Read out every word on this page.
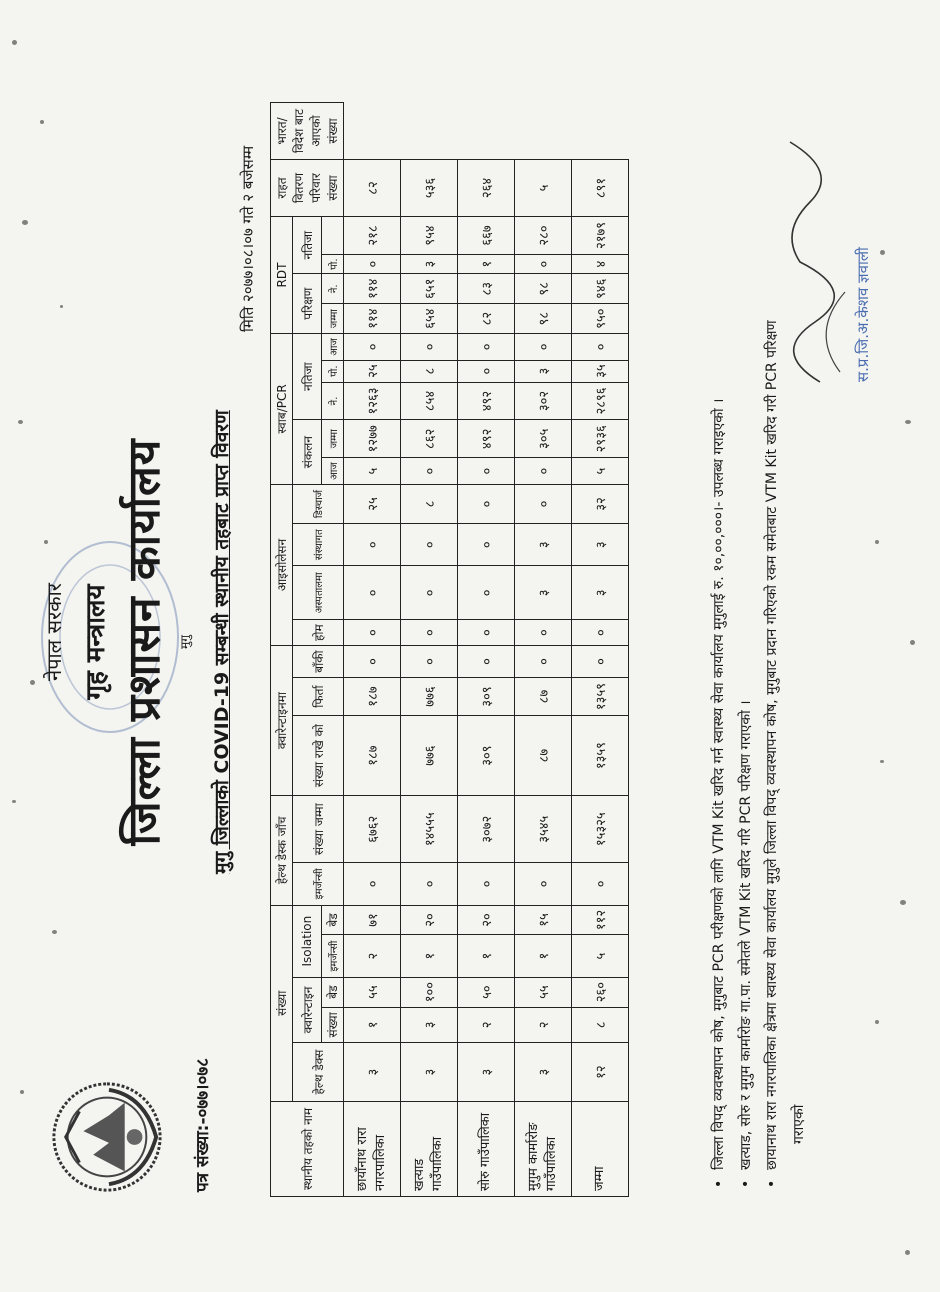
नेपाल सरकार गृह मन्त्रालय जिल्ला प्रशासन कार्यालय मुगु
पत्र संख्या:-०७७।०७८
मुगु जिल्लाको COVID-19 सम्बन्धी स्थानीय तहबाट प्राप्त विवरण
मिति २०७७।०८।०७ गते २ बजेसम्म
स्थानीय तहको नाम	संख्या					हेल्थ डेस्क जाँच		क्वारेन्टाइनमा			आइसोलेसन				स्वाब/PCR					RDT				राहत वितरण परिवार संख्या	भारत/ विदेश बाट आएको संख्या
	हेल्थ डेक्स	क्वारेन्टाइन		Isolation		इमर्जेन्सी	संख्या जम्मा	संख्या राखे को	फिर्ता	बाँकी	होम	अस्पतालमा	संस्थागत	डिस्चार्ज	संकलन		नतिजा			परिक्षण		नतिजा			
		संख्या	बेड	इमर्जेन्सी	बेड										आज	जम्मा	ने.	पो.	आज	जम्मा	ने.	पो.			
छायाँनाथ रारा नगरपालिका	३	१	५५	२	७१	०	६७६२	१८७	१८७	०	०	०	०	२५	५	१२७७	१२६३	२५	०	११४	११४	०	२१८	८२	
खत्याड गाउँपालिका	३	३	१००	१	२०	०	१४५५५	७७६	७७६	०	०	०	०	८	०	८६२	८५४	८	०	६५४	६५१	३	९५४	५३६	
सोरु गाउँपालिका	३	२	५०	१	२०	०	३०७२	३०९	३०९	०	०	०	०	०	०	४९२	४९२	०	०	८२	८३	१	६६७	२६४	
मुगुम कार्मारोङ गाउँपालिका	३	२	५५	१	१५	०	३५४५	८७	८७	०	०	३	३	०	०	३०५	३०२	३	०	९८	९८	०	२८०	५	
जम्मा	१२	८	२६०	५	११२	०	१५३२५	१३५९	१३५९	०	०	३	३	३२	५	२९३६	२८९६	३५	०	९५०	९४६	४	२१७९	८९१	
• जिल्ला विपद् व्यवस्थापन कोष, मुगुबाट PCR परीक्षणको लागि VTM Kit खरिद गर्न स्वास्थ्य सेवा कार्यालय मुगुलाई रु. १०,००,०००।- उपलब्ध गराइएको । • खत्याड, सोरु र मुगुम कार्मारोङ गा.पा. समेतले VTM Kit खरिद गरि PCR परिक्षण गराएको । • छायानाथ रारा नगरपालिका क्षेत्रमा स्वास्थ्य सेवा कार्यालय मुगुले जिल्ला विपद् व्यवस्थापन कोष, मुगुबाट प्रदान गरिएको रकम समेतबाट VTM Kit खरिद गरी PCR परिक्षण गराएको
स.प्र.जि.अ.केशव ज्ञवाली
